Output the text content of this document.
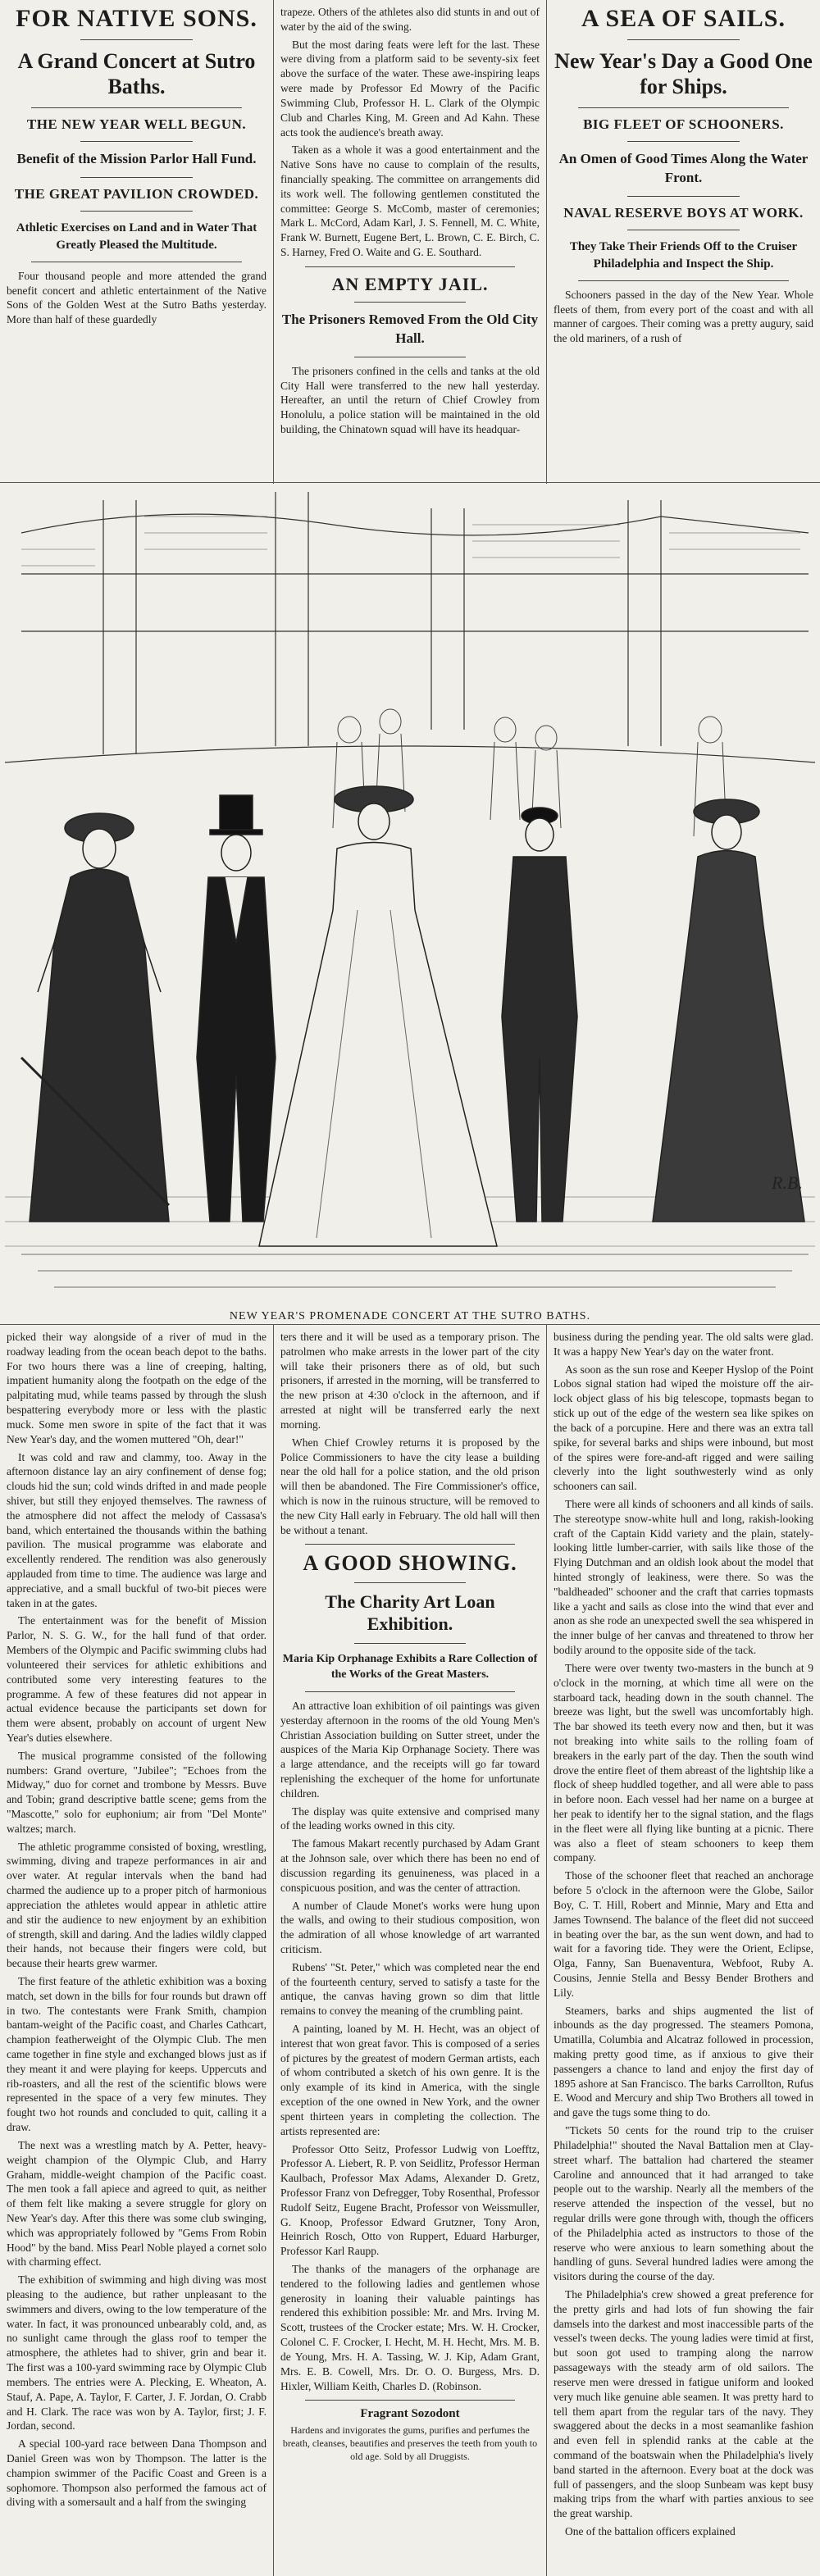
FOR NATIVE SONS.
A Grand Concert at Sutro Baths.
THE NEW YEAR WELL BEGUN.
Benefit of the Mission Parlor Hall Fund.
THE GREAT PAVILION CROWDED.
Athletic Exercises on Land and in Water That Greatly Pleased the Multitude.

Four thousand people and more attended the grand benefit concert and athletic entertainment of the Native Sons of the Golden West at the Sutro Baths yesterday. More than half of these guardedly

trapeze. Others of the athletes also did stunts in and out of water by the aid of the swing.

But the most daring feats were left for the last. These were diving from a platform said to be seventy-six feet above the surface of the water. These awe-inspiring leaps were made by Professor Ed Mowry of the Pacific Swimming Club, Professor H. L. Clark of the Olympic Club and Charles King, M. Green and Ad Kahn. These acts took the audience's breath away.

Taken as a whole it was a good entertainment and the Native Sons have no cause to complain of the results, financially speaking. The committee on arrangements did its work well. The following gentlemen constituted the committee: George S. McComb, master of ceremonies; Mark L. McCord, Adam Karl, J. S. Fennell, M. C. White, Frank W. Burnett, Eugene Bert, L. Brown, C. E. Birch, C. S. Harney, Fred O. Waite and G. E. Southard.

AN EMPTY JAIL.
The Prisoners Removed From the Old City Hall.

The prisoners confined in the cells and tanks at the old City Hall were transferred to the new hall yesterday. Hereafter, an until the return of Chief Crowley from Honolulu, a police station will be maintained in the old building, the Chinatown squad will have its headquar-

A SEA OF SAILS.
New Year's Day a Good One for Ships.
BIG FLEET OF SCHOONERS.
An Omen of Good Times Along the Water Front.
NAVAL RESERVE BOYS AT WORK.
They Take Their Friends Off to the Cruiser Philadelphia and Inspect the Ship.

Schooners passed in the day of the New Year. Whole fleets of them, from every port of the coast and with all manner of cargoes. Their coming was a pretty augury, said the old mariners, of a rush of

R.B.
NEW YEAR'S PROMENADE CONCERT AT THE SUTRO BATHS.

picked their way alongside of a river of mud in the roadway leading from the ocean beach depot to the baths. For two hours there was a line of creeping, halting, impatient humanity along the footpath on the edge of the palpitating mud, while teams passed by through the slush bespattering everybody more or less with the plastic muck. Some men swore in spite of the fact that it was New Year's day, and the women muttered "Oh, dear!"

It was cold and raw and clammy, too. Away in the afternoon distance lay an airy confinement of dense fog; clouds hid the sun; cold winds drifted in and made people shiver, but still they enjoyed themselves. The rawness of the atmosphere did not affect the melody of Cassasa's band, which entertained the thousands within the bathing pavilion. The musical programme was elaborate and excellently rendered. The rendition was also generously applauded from time to time. The audience was large and appreciative, and a small buckful of two-bit pieces were taken in at the gates.

The entertainment was for the benefit of Mission Parlor, N. S. G. W., for the hall fund of that order. Members of the Olympic and Pacific swimming clubs had volunteered their services for athletic exhibitions and contributed some very interesting features to the programme. A few of these features did not appear in actual evidence because the participants set down for them were absent, probably on account of urgent New Year's duties elsewhere.

The musical programme consisted of the following numbers: Grand overture, "Jubilee"; "Echoes from the Midway," duo for cornet and trombone by Messrs. Buve and Tobin; grand descriptive battle scene; gems from the "Mascotte," solo for euphonium; air from "Del Monte" waltzes; march.

The athletic programme consisted of boxing, wrestling, swimming, diving and trapeze performances in air and over water. At regular intervals when the band had charmed the audience up to a proper pitch of harmonious appreciation the athletes would appear in athletic attire and stir the audience to new enjoyment by an exhibition of strength, skill and daring. And the ladies wildly clapped their hands, not because their fingers were cold, but because their hearts grew warmer.

The first feature of the athletic exhibition was a boxing match, set down in the bills for four rounds but drawn off in two. The contestants were Frank Smith, champion bantam-weight of the Pacific coast, and Charles Cathcart, champion featherweight of the Olympic Club. The men came together in fine style and exchanged blows just as if they meant it and were playing for keeps. Uppercuts and rib-roasters, and all the rest of the scientific blows were represented in the space of a very few minutes. They fought two hot rounds and concluded to quit, calling it a draw.

The next was a wrestling match by A. Petter, heavy-weight champion of the Olympic Club, and Harry Graham, middle-weight champion of the Pacific coast. The men took a fall apiece and agreed to quit, as neither of them felt like making a severe struggle for glory on New Year's day. After this there was some club swinging, which was appropriately followed by "Gems From Robin Hood" by the band. Miss Pearl Noble played a cornet solo with charming effect.

The exhibition of swimming and high diving was most pleasing to the audience, but rather unpleasant to the swimmers and divers, owing to the low temperature of the water. In fact, it was pronounced unbearably cold, and, as no sunlight came through the glass roof to temper the atmosphere, the athletes had to shiver, grin and bear it. The first was a 100-yard swimming race by Olympic Club members. The entries were A. Plecking, E. Wheaton, A. Stauf, A. Pape, A. Taylor, F. Carter, J. F. Jordan, O. Crabb and H. Clark. The race was won by A. Taylor, first; J. F. Jordan, second.

A special 100-yard race between Dana Thompson and Daniel Green was won by Thompson. The latter is the champion swimmer of the Pacific Coast and Green is a sophomore. Thompson also performed the famous act of diving with a somersault and a half from the swinging

ters there and it will be used as a temporary prison. The patrolmen who make arrests in the lower part of the city will take their prisoners there as of old, but such prisoners, if arrested in the morning, will be transferred to the new prison at 4:30 o'clock in the afternoon, and if arrested at night will be transferred early the next morning.

When Chief Crowley returns it is proposed by the Police Commissioners to have the city lease a building near the old hall for a police station, and the old prison will then be abandoned. The Fire Commissioner's office, which is now in the ruinous structure, will be removed to the new City Hall early in February. The old hall will then be without a tenant.

A GOOD SHOWING.
The Charity Art Loan Exhibition.
Maria Kip Orphanage Exhibits a Rare Collection of the Works of the Great Masters.

An attractive loan exhibition of oil paintings was given yesterday afternoon in the rooms of the old Young Men's Christian Association building on Sutter street, under the auspices of the Maria Kip Orphanage Society. There was a large attendance, and the receipts will go far toward replenishing the exchequer of the home for unfortunate children.

The display was quite extensive and comprised many of the leading works owned in this city.

The famous Makart recently purchased by Adam Grant at the Johnson sale, over which there has been no end of discussion regarding its genuineness, was placed in a conspicuous position, and was the center of attraction.

A number of Claude Monet's works were hung upon the walls, and owing to their studious composition, won the admiration of all whose knowledge of art warranted criticism.

Rubens' "St. Peter," which was completed near the end of the fourteenth century, served to satisfy a taste for the antique, the canvas having grown so dim that little remains to convey the meaning of the crumbling paint.

A painting, loaned by M. H. Hecht, was an object of interest that won great favor. This is composed of a series of pictures by the greatest of modern German artists, each of whom contributed a sketch of his own genre. It is the only example of its kind in America, with the single exception of the one owned in New York, and the owner spent thirteen years in completing the collection. The artists represented are:

Professor Otto Seitz, Professor Ludwig von Loefftz, Professor A. Liebert, R. P. von Seidlitz, Professor Herman Kaulbach, Professor Max Adams, Alexander D. Gretz, Professor Franz von Defregger, Toby Rosenthal, Professor Rudolf Seitz, Eugene Bracht, Professor von Weissmuller, G. Knoop, Professor Edward Grutzner, Tony Aron, Heinrich Rosch, Otto von Ruppert, Eduard Harburger, Professor Karl Raupp.

The thanks of the managers of the orphanage are tendered to the following ladies and gentlemen whose generosity in loaning their valuable paintings has rendered this exhibition possible: Mr. and Mrs. Irving M. Scott, trustees of the Crocker estate; Mrs. W. H. Crocker, Colonel C. F. Crocker, I. Hecht, M. H. Hecht, Mrs. M. B. de Young, Mrs. H. A. Tassing, W. J. Kip, Adam Grant, Mrs. E. B. Cowell, Mrs. Dr. O. O. Burgess, Mrs. D. Hixler, William Keith, Charles D. (Robinson.

Fragrant Sozodont
Hardens and invigorates the gums, purifies and perfumes the breath, cleanses, beautifies and preserves the teeth from youth to old age. Sold by all Druggists.

business during the pending year. The old salts were glad. It was a happy New Year's day on the water front.

As soon as the sun rose and Keeper Hyslop of the Point Lobos signal station had wiped the moisture off the air-lock object glass of his big telescope, topmasts began to stick up out of the edge of the western sea like spikes on the back of a porcupine. Here and there was an extra tall spike, for several barks and ships were inbound, but most of the spires were fore-and-aft rigged and were sailing cleverly into the light southwesterly wind as only schooners can sail.

There were all kinds of schooners and all kinds of sails. The stereotype snow-white hull and long, rakish-looking craft of the Captain Kidd variety and the plain, stately-looking little lumber-carrier, with sails like those of the Flying Dutchman and an oldish look about the model that hinted strongly of leakiness, were there. So was the "baldheaded" schooner and the craft that carries topmasts like a yacht and sails as close into the wind that ever and anon as she rode an unexpected swell the sea whispered in the inner bulge of her canvas and threatened to throw her bodily around to the opposite side of the tack.

There were over twenty two-masters in the bunch at 9 o'clock in the morning, at which time all were on the starboard tack, heading down in the south channel. The breeze was light, but the swell was uncomfortably high. The bar showed its teeth every now and then, but it was not breaking into white sails to the rolling foam of breakers in the early part of the day. Then the south wind drove the entire fleet of them abreast of the lightship like a flock of sheep huddled together, and all were able to pass in before noon. Each vessel had her name on a burgee at her peak to identify her to the signal station, and the flags in the fleet were all flying like bunting at a picnic. There was also a fleet of steam schooners to keep them company.

Those of the schooner fleet that reached an anchorage before 5 o'clock in the afternoon were the Globe, Sailor Boy, C. T. Hill, Robert and Minnie, Mary and Etta and James Townsend. The balance of the fleet did not succeed in beating over the bar, as the sun went down, and had to wait for a favoring tide. They were the Orient, Eclipse, Olga, Fanny, San Buenaventura, Webfoot, Ruby A. Cousins, Jennie Stella and Bessy Bender Brothers and Lily.

Steamers, barks and ships augmented the list of inbounds as the day progressed. The steamers Pomona, Umatilla, Columbia and Alcatraz followed in procession, making pretty good time, as if anxious to give their passengers a chance to land and enjoy the first day of 1895 ashore at San Francisco. The barks Carrollton, Rufus E. Wood and Mercury and ship Two Brothers all towed in and gave the tugs some thing to do.

"Tickets 50 cents for the round trip to the cruiser Philadelphia!" shouted the Naval Battalion men at Clay-street wharf. The battalion had chartered the steamer Caroline and announced that it had arranged to take people out to the warship. Nearly all the members of the reserve attended the inspection of the vessel, but no regular drills were gone through with, though the officers of the Philadelphia acted as instructors to those of the reserve who were anxious to learn something about the handling of guns. Several hundred ladies were among the visitors during the course of the day.

The Philadelphia's crew showed a great preference for the pretty girls and had lots of fun showing the fair damsels into the darkest and most inaccessible parts of the vessel's tween decks. The young ladies were timid at first, but soon got used to tramping along the narrow passageways with the steady arm of old sailors. The reserve men were dressed in fatigue uniform and looked very much like genuine able seamen. It was pretty hard to tell them apart from the regular tars of the navy. They swaggered about the decks in a most seamanlike fashion and even fell in splendid ranks at the cable at the command of the boatswain when the Philadelphia's lively band started in the afternoon. Every boat at the dock was full of passengers, and the sloop Sunbeam was kept busy making trips from the wharf with parties anxious to see the great warship.

One of the battalion officers explained
